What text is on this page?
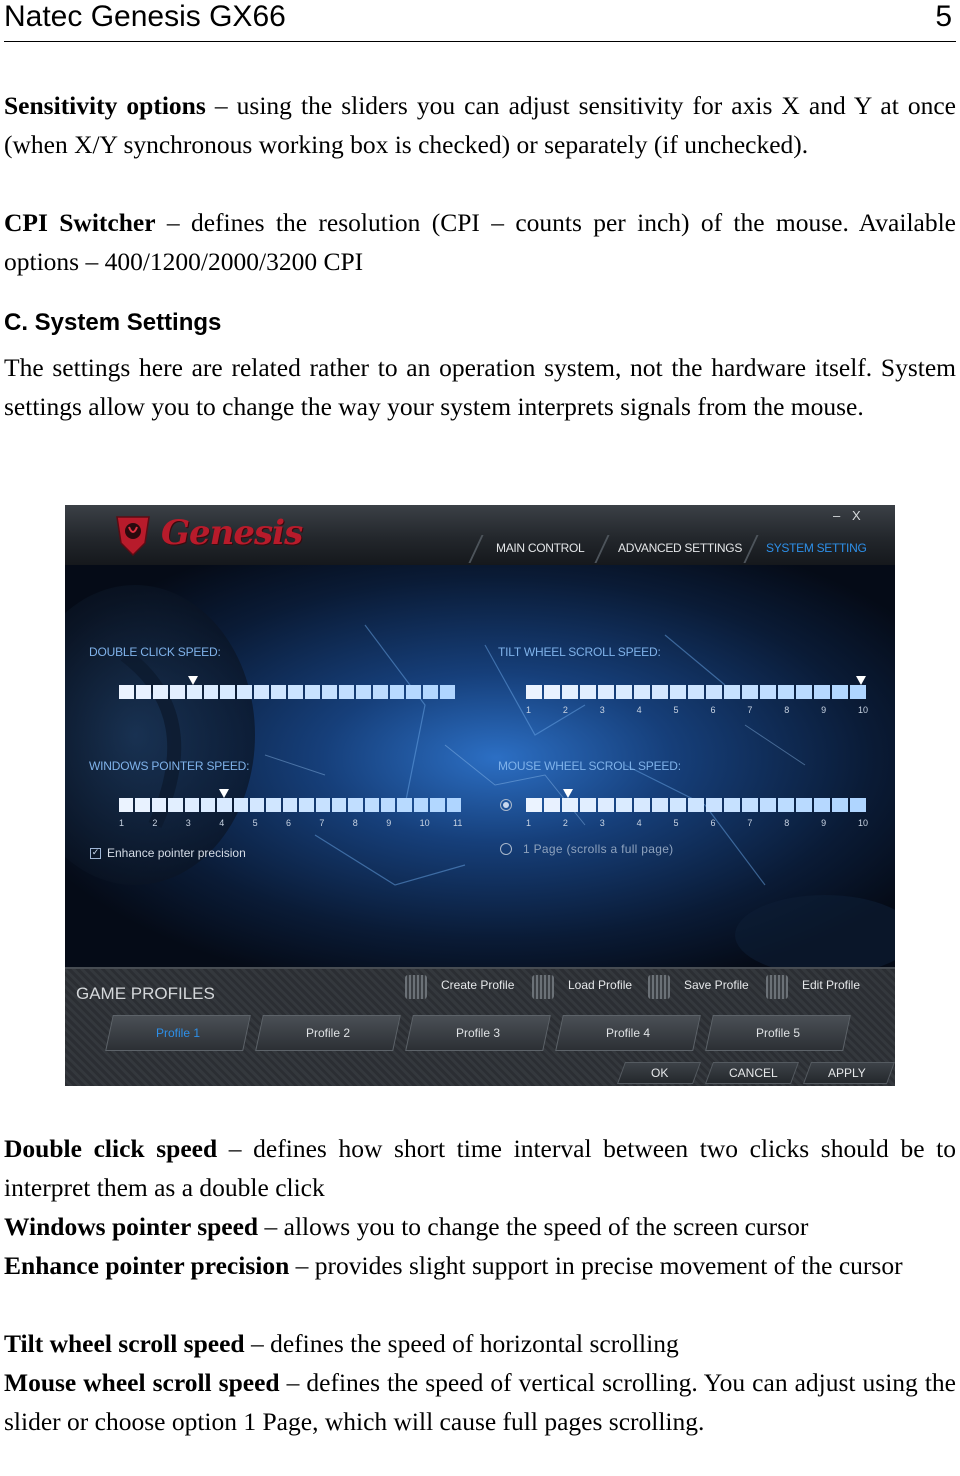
Natec Genesis GX66	5

Sensitivity options – using the sliders you can adjust sensitivity for axis X and Y at once (when X/Y synchronous working box is checked) or separately (if unchecked).

CPI Switcher – defines the resolution (CPI – counts per inch) of the mouse. Available options – 400/1200/2000/3200 CPI

C. System Settings

The settings here are related rather to an operation system, not the hardware itself. System settings allow you to change the way your system interprets signals from the mouse.

Genesis	– X
MAIN CONTROL	ADVANCED SETTINGS SYSTEM SETTING
DOUBLE CLICK SPEED:	TILT WHEEL SCROLL SPEED:
1	2	3	4	5	6	7	8	9	10
WINDOWS POINTER SPEED:
1	2	3	4	5	6	7	8	9	10	11
✓ Enhance pointer precision
MOUSE WHEEL SCROLL SPEED:
1	2	3	4	5	6	7	8	9	10
1 Page (scrolls a full page)
GAME PROFILES	Create Profile	Load Profile	Save Profile	Edit Profile
Profile 1	Profile 2	Profile 3	Profile 4	Profile 5
OK	CANCEL	APPLY

Double click speed – defines how short time interval between two clicks should be to interpret them as a double click

Windows pointer speed – allows you to change the speed of the screen cursor

Enhance pointer precision – provides slight support in precise movement of the cursor

Tilt wheel scroll speed – defines the speed of horizontal scrolling

Mouse wheel scroll speed – defines the speed of vertical scrolling. You can adjust using the slider or choose option 1 Page, which will cause full pages scrolling.
